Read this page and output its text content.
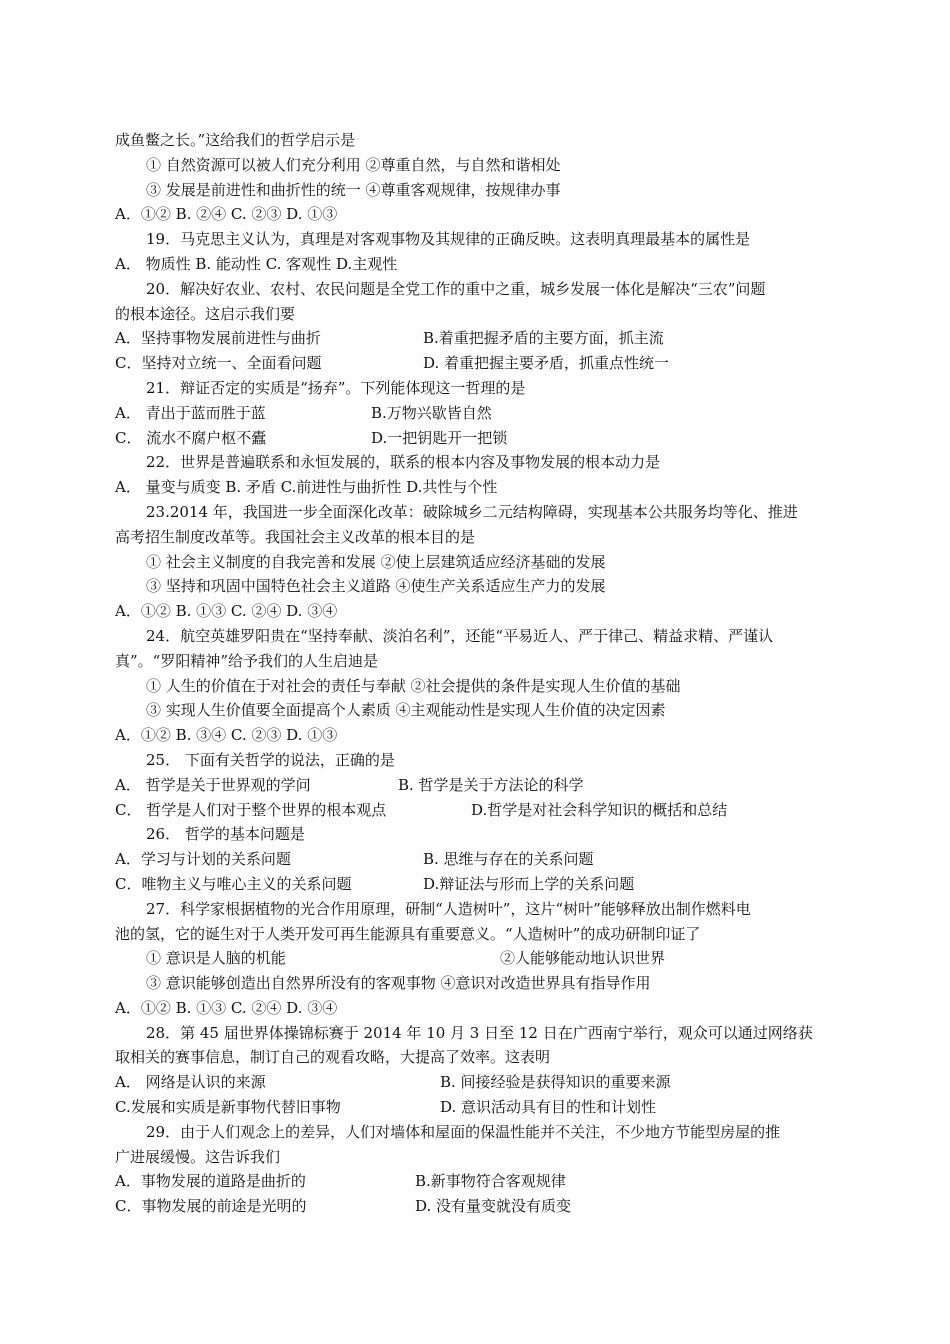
成鱼鳖之长。”这给我们的哲学启示是
① 自然资源可以被人们充分利用 ②尊重自然，与自然和谐相处
③ 发展是前进性和曲折性的统一 ④尊重客观规律，按规律办事
A．①② B. ②④ C. ②③ D. ①③
19．马克思主义认为，真理是对客观事物及其规律的正确反映。这表明真理最基本的属性是
A． 物质性 B. 能动性 C. 客观性 D.主观性
20．解决好农业、农村、农民问题是全党工作的重中之重，城乡发展一体化是解决“三农”问题
的根本途径。这启示我们要
A．坚持事物发展前进性与曲折	B.着重把握矛盾的主要方面，抓主流
C．坚持对立统一、全面看问题	D. 着重把握主要矛盾，抓重点性统一
21．辩证否定的实质是“扬弃”。下列能体现这一哲理的是
A． 青出于蓝而胜于蓝	B.万物兴歇皆自然
C． 流水不腐户枢不蠹	D.一把钥匙开一把锁
22．世界是普遍联系和永恒发展的，联系的根本内容及事物发展的根本动力是
A． 量变与质变 B. 矛盾 C.前进性与曲折性 D.共性与个性
23.2014 年，我国进一步全面深化改革：破除城乡二元结构障碍，实现基本公共服务均等化、推进
高考招生制度改革等。我国社会主义改革的根本目的是
① 社会主义制度的自我完善和发展 ②使上层建筑适应经济基础的发展
③ 坚持和巩固中国特色社会主义道路 ④使生产关系适应生产力的发展
A．①② B. ①③ C. ②④ D. ③④
24．航空英雄罗阳贵在“坚持奉献、淡泊名利”，还能“平易近人、严于律己、精益求精、严谨认
真”。“罗阳精神”给予我们的人生启迪是
① 人生的价值在于对社会的责任与奉献 ②社会提供的条件是实现人生价值的基础
③ 实现人生价值要全面提高个人素质 ④主观能动性是实现人生价值的决定因素
A．①② B. ③④ C. ②③ D. ①③
25． 下面有关哲学的说法，正确的是
A． 哲学是关于世界观的学问	B. 哲学是关于方法论的科学
C． 哲学是人们对于整个世界的根本观点	D.哲学是对社会科学知识的概括和总结
26． 哲学的基本问题是
A．学习与计划的关系问题	B. 思维与存在的关系问题
C．唯物主义与唯心主义的关系问题	D.辩证法与形而上学的关系问题
27．科学家根据植物的光合作用原理，研制“人造树叶”，这片“树叶”能够释放出制作燃料电
池的氢，它的诞生对于人类开发可再生能源具有重要意义。“人造树叶”的成功研制印证了
① 意识是人脑的机能	②人能够能动地认识世界
③ 意识能够创造出自然界所没有的客观事物 ④意识对改造世界具有指导作用
A．①② B. ①③ C. ②④ D. ③④
28．第 45 届世界体操锦标赛于 2014 年 10 月 3 日至 12 日在广西南宁举行，观众可以通过网络获
取相关的赛事信息，制订自己的观看攻略，大提高了效率。这表明
A． 网络是认识的来源	B. 间接经验是获得知识的重要来源
C.发展和实质是新事物代替旧事物	D. 意识活动具有目的性和计划性
29．由于人们观念上的差异，人们对墙体和屋面的保温性能并不关注，不少地方节能型房屋的推
广进展缓慢。这告诉我们
A．事物发展的道路是曲折的	B.新事物符合客观规律
C．事物发展的前途是光明的	D. 没有量变就没有质变
